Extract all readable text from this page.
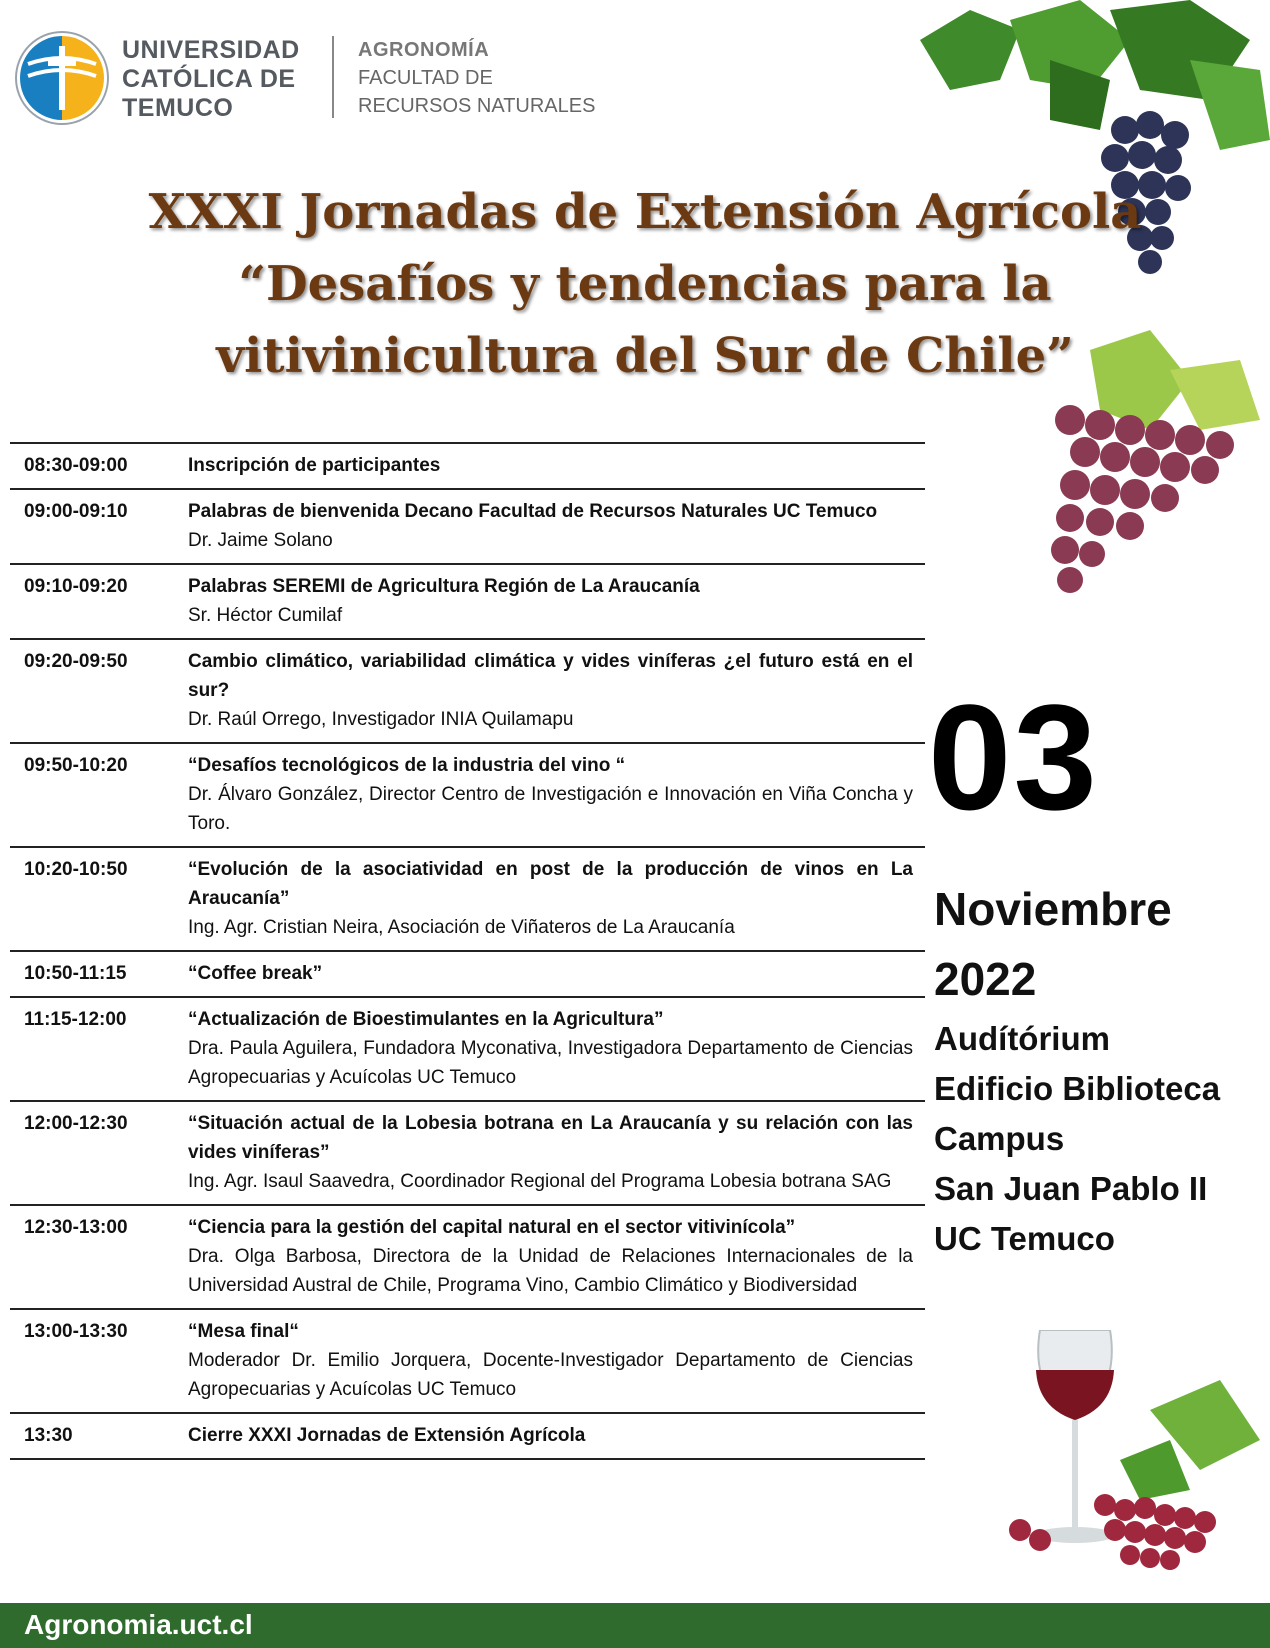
UNIVERSIDAD
CATÓLICA DE
TEMUCO
AGRONOMÍA
FACULTAD DE
RECURSOS NATURALES
XXXI Jornadas de Extensión Agrícola
“Desafíos y tendencias para la
vitivinicultura del Sur de Chile”
08:30-09:00	Inscripción de participantes
09:00-09:10	Palabras de bienvenida Decano Facultad de Recursos Naturales UC Temuco
Dr. Jaime Solano
09:10-09:20	Palabras SEREMI de Agricultura Región de La Araucanía
Sr. Héctor Cumilaf
09:20-09:50	Cambio climático, variabilidad climática y vides viníferas ¿el futuro está en el sur?
Dr. Raúl Orrego, Investigador INIA Quilamapu
09:50-10:20	“Desafíos tecnológicos de la industria del vino “
Dr. Álvaro González, Director Centro de Investigación e Innovación en Viña Concha y Toro.
10:20-10:50	“Evolución de la asociatividad en post de la producción de vinos en La Araucanía”
Ing. Agr. Cristian Neira, Asociación de Viñateros de La Araucanía
10:50-11:15	“Coffee break”
11:15-12:00	“Actualización de Bioestimulantes en la Agricultura”
Dra. Paula Aguilera, Fundadora Myconativa, Investigadora Departamento de Ciencias Agropecuarias y Acuícolas UC Temuco
12:00-12:30	“Situación actual de la Lobesia botrana en La Araucanía y su relación con las vides viníferas”
Ing. Agr. Isaul Saavedra, Coordinador Regional del Programa Lobesia botrana SAG
12:30-13:00	“Ciencia para la gestión del capital natural en el sector vitivinícola”
Dra. Olga Barbosa, Directora de la Unidad de Relaciones Internacionales de la Universidad Austral de Chile, Programa Vino, Cambio Climático y Biodiversidad
13:00-13:30	“Mesa final“
Moderador Dr. Emilio Jorquera, Docente-Investigador Departamento de Ciencias Agropecuarias y Acuícolas UC Temuco
13:30	Cierre XXXI Jornadas de Extensión Agrícola
03
Noviembre
2022
Audítórium
Edificio Biblioteca
Campus
San Juan Pablo II
UC Temuco
Agronomia.uct.cl
